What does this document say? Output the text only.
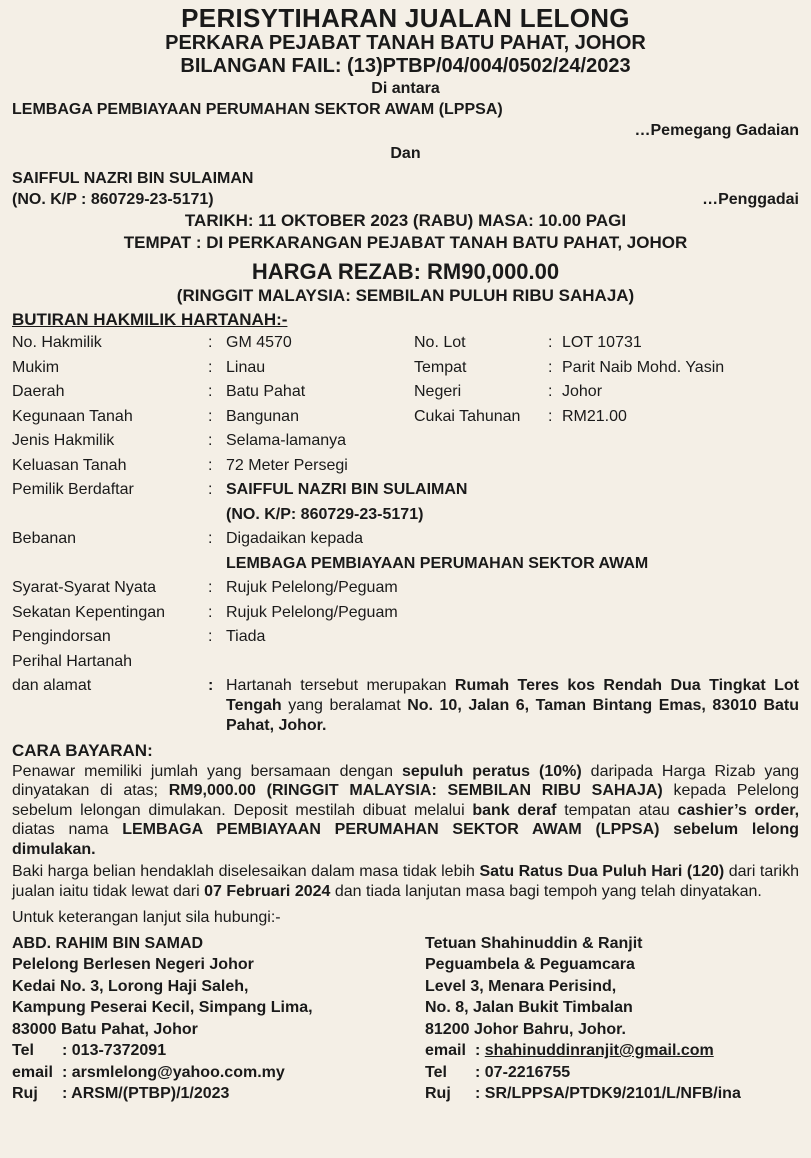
PERISYTIHARAN JUALAN LELONG
PERKARA PEJABAT TANAH BATU PAHAT, JOHOR
BILANGAN FAIL: (13)PTBP/04/004/0502/24/2023
Di antara
LEMBAGA PEMBIAYAAN PERUMAHAN SEKTOR AWAM (LPPSA)
…Pemegang Gadaian
Dan
SAIFFUL NAZRI BIN SULAIMAN
(NO. K/P : 860729-23-5171)	…Penggadai
TARIKH: 11 OKTOBER 2023 (RABU) MASA: 10.00 PAGI
TEMPAT : DI PERKARANGAN PEJABAT TANAH BATU PAHAT, JOHOR
HARGA REZAB: RM90,000.00
(RINGGIT MALAYSIA: SEMBILAN PULUH RIBU SAHAJA)
BUTIRAN HAKMILIK HARTANAH:-
No. Hakmilik	:	GM 4570	No. Lot	:	LOT 10731
Mukim	:	Linau	Tempat	:	Parit Naib Mohd. Yasin
Daerah	:	Batu Pahat	Negeri	:	Johor
Kegunaan Tanah	:	Bangunan	Cukai Tahunan	:	RM21.00
Jenis Hakmilik	:	Selama-lamanya			
Keluasan Tanah	:	72 Meter Persegi			
Pemilik Berdaftar	:	SAIFFUL NAZRI BIN SULAIMAN
(NO. K/P: 860729-23-5171)			

Bebanan	:	Digadaikan kepada
LEMBAGA PEMBIAYAAN PERUMAHAN SEKTOR AWAM			

Syarat-Syarat Nyata	:	Rujuk Pelelong/Peguam			
Sekatan Kepentingan	:	Rujuk Pelelong/Peguam			
Pengindorsan	:	Tiada			

Perihal Hartanah
dan alamat	:	Hartanah tersebut merupakan Rumah Teres kos Rendah Dua Tingkat Lot Tengah yang beralamat No. 10, Jalan 6, Taman Bintang Emas, 83010 Batu Pahat, Johor.			
CARA BAYARAN:
Penawar memiliki jumlah yang bersamaan dengan sepuluh peratus (10%) daripada Harga Rizab yang dinyatakan di atas; RM9,000.00 (RINGGIT MALAYSIA: SEMBILAN RIBU SAHAJA) kepada Pelelong sebelum lelongan dimulakan. Deposit mestilah dibuat melalui bank deraf tempatan atau cashier’s order, diatas nama LEMBAGA PEMBIAYAAN PERUMAHAN SEKTOR AWAM (LPPSA) sebelum lelong dimulakan.
Baki harga belian hendaklah diselesaikan dalam masa tidak lebih Satu Ratus Dua Puluh Hari (120) dari tarikh jualan iaitu tidak lewat dari 07 Februari 2024 dan tiada lanjutan masa bagi tempoh yang telah dinyatakan.
Untuk keterangan lanjut sila hubungi:-
ABD. RAHIM BIN SAMAD
Pelelong Berlesen Negeri Johor
Kedai No. 3, Lorong Haji Saleh,
Kampung Peserai Kecil, Simpang Lima,
83000 Batu Pahat, Johor
Tel : 013-7372091
email : arsmlelong@yahoo.com.my
Ruj : ARSM/(PTBP)/1/2023
Tetuan Shahinuddin & Ranjit
Peguambela & Peguamcara
Level 3, Menara Perisind,
No. 8, Jalan Bukit Timbalan
81200 Johor Bahru, Johor.
email : shahinuddinranjit@gmail.com
Tel : 07-2216755
Ruj : SR/LPPSA/PTDK9/2101/L/NFB/ina
